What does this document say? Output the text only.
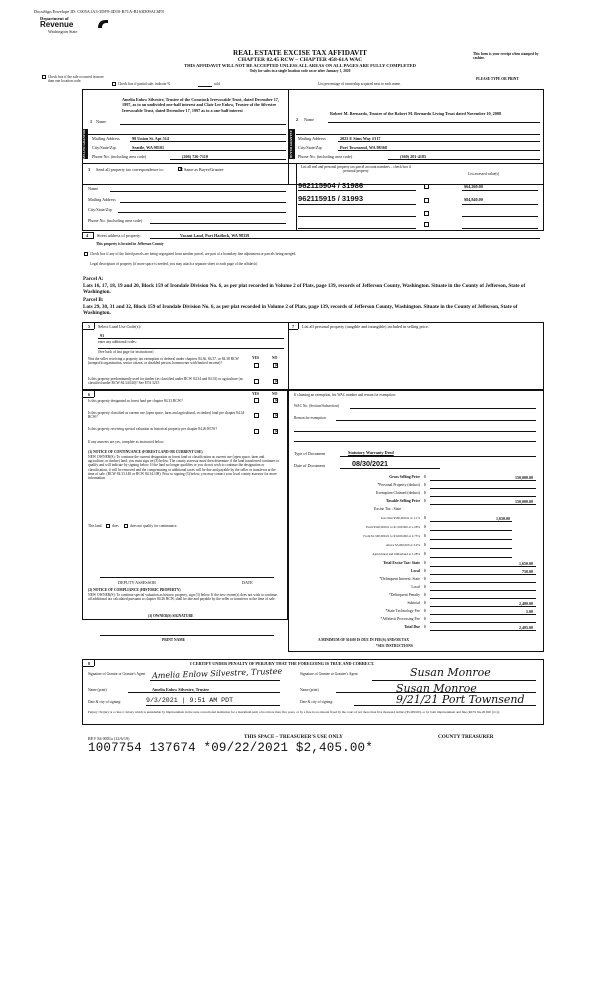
DocuSign Envelope ID: C005A1A3-3DF9-4D10-B71A-B163D09AC6F8
Department of
Revenue
Washington State
REAL ESTATE EXCISE TAX AFFIDAVIT
CHAPTER 82.45 RCW – CHAPTER 458-61A WAC
THIS AFFIDAVIT WILL NOT BE ACCEPTED UNLESS ALL AREAS ON ALL PAGES ARE FULLY COMPLETED
Only for sales in a single location code on or after January 1, 2020
This form is your receipt when stamped by cashier.
PLEASE TYPE OR PRINT
Check box if the sale occurred in more than one location code.
Check box if partial sale, indicate %	sold	List percentage of ownership acquired next to each name.
SELLER GRANTOR
1 Name
Amelia Enlow Silvestre, Trustee of the Comstock Irrevocable Trust, dated December 17, 1997, as to an undivided one-half interest and Clair Lee Enlow, Trustee of the Silvestre Irrevocable Trust, dated December 17, 1997 as to a one-half interest
Mailing Address	98 Union St. Apt 514
City/State/Zip	Seattle, WA 98101
Phone No. (including area code)	(206) 726-7110	BUYER GRANTEE
2 Name
Robert M. Bernardo, Trustee of the Robert M. Bernardo Living Trust dated November 10, 2008
Mailing Address	2023 E Sims Way #317
City/State/Zip	Port Townsend, WA 98368
Phone No. (including area code)	(360) 201-4185
3 Send all property tax correspondence to:
✕	Same as Buyer/Grantee
Name
Mailing Address
City/State/Zip
Phone No. (including area code)
List all real and personal property tax parcel account numbers – check box if personal property
List assessed value(s)
962115904 / 31986	$64,260.00
962115915 / 31993	$84,840.00
4 Street address of property:	Vacant Land, Port Hadlock, WA 98339
This property is located in Jefferson County
Check box if any of the listed parcels are being segregated from another parcel, are part of a boundary line adjustment or parcels being merged.
Legal description of property (if more space is needed, you may attach a separate sheet to each page of the affidavit)
Parcel A:
Lots 16, 17, 18, 19 and 20, Block 159 of Irondale Division No. 6, as per plat recorded in Volume 2 of Plats, page 139, records of Jefferson County, Washington. Situate in the County of Jefferson, State of Washington.
Parcel B:
Lots 29, 30, 31 and 32, Block 159 of Irondale Division No. 6, as per plat recorded in Volume 2 of Plats, page 139, records of Jefferson County, Washington. Situate in the County of Jefferson, State of Washington.
5 Select Land Use Code(s):
91
enter any additional codes:
(See back of last page for instructions)
YES	NO
Was the seller receiving a property tax exemption or deferral under chapters 84.36, 84.37, or 84.38 RCW (nonprofit organization, senior citizen, or disabled person, homeowner with limited income)?
✕
Is this property predominantly used for timber (as classified under RCW 84.34 and 84.33) or agriculture (as classified under RCW 84.34.020)? See ETA 3215
✕
7 List all personal property (tangible and intangible) included in selling price.
6	YES	NO
Is this property designated as forest land per chapter 84.33 RCW?
✕
Is this property classified as current use (open space, farm and agricultural, or timber) land per chapter 84.34 RCW?
✕
Is this property receiving special valuation as historical property per chapter 84.26 RCW?
✕
If any answers are yes, complete as instructed below.
(1) NOTICE OF CONTINUANCE (FOREST LAND OR CURRENT USE)
NEW OWNER(S): To continue the current designation as forest land or classification as current use (open space, farm and agriculture, or timber) land, you must sign on (3) below. The county assessor must then determine if the land transferred continues to qualify and will indicate by signing below. If the land no longer qualifies or you do not wish to continue the designation or classification, it will be removed and the compensating or additional taxes will be due and payable by the seller or transferor at the time of sale. (RCW 84.33.140 or RCW 84.34.108). Prior to signing (3) below, you may contact your local county assessor for more information.
This land	does	does not qualify for continuance.
DEPUTY ASSESSOR	DATE
(2) NOTICE OF COMPLIANCE (HISTORIC PROPERTY)
NEW OWNER(S): To continue special valuation as historic property, sign (3) below. If the new owner(s) does not wish to continue, all additional tax calculated pursuant to chapter 84.26 RCW, shall be due and payable by the seller or transferor at the time of sale.
(3) OWNER(S) SIGNATURE
PRINT NAME
If claiming an exemption, list WAC number and reason for exemption:
WAC No. (Section/Subsection)
Reason for exemption
Type of Document	Statutory Warranty Deed
Date of Document	08/30/2021
Gross Selling Price $	150,000.00
*Personal Property (deduct) $
Exemption Claimed (deduct) $
Taxable Selling Price $	150,000.00
Excise Tax : State
Less than $500,000.01 at 1.1% $	1,650.00
From $500,000.01 to $1,500,000 at 1.28% $
From $1,500,000.01 to $3,000,000 at 2.75% $
Above $3,000,000 at 3.0% $
Agricultural and timberland at 1.28% $
Total Excise Tax: State $	1,650.00
Local $	750.00
*Delinquent Interest: State $
Local $
*Delinquent Penalty $
Subtotal $	2,400.00
*State Technology Fee $	5.00
*Affidavit Processing Fee $
Total Due $	2,405.00
A MINIMUM OF $10.00 IS DUE IN FEE(S) AND/OR TAX
*SEE INSTRUCTIONS
8	I CERTIFY UNDER PENALTY OF PERJURY THAT THE FOREGOING IS TRUE AND CORRECT.
Signature of Grantor or Grantor's Agent Amelia Enlow Silvestre, Trustee
Name (print)	Amelia Enlow Silvestre, Trustee
Date & city of signing:	9/3/2021 | 9:51 AM PDT
Signature of Grantee or Grantee's Agent	Susan Monroe
Name (print)	Susan Monroe
Date & city of signing:	9/21/21 Port Townsend
Perjury: Perjury is a class C felony which is punishable by imprisonment in the state correctional institution for a maximum term of not more than five years, or by a fine in an amount fixed by the court of not more than five thousand dollars ($5,000.00), or by both imprisonment and fine (RCW 9A.20.020 (1C)).
REV 84 0001a (12/6/19)	THIS SPACE – TREASURER'S USE ONLY	COUNTY TREASURER
1007754 137674 *09/22/2021 $2,405.00*
